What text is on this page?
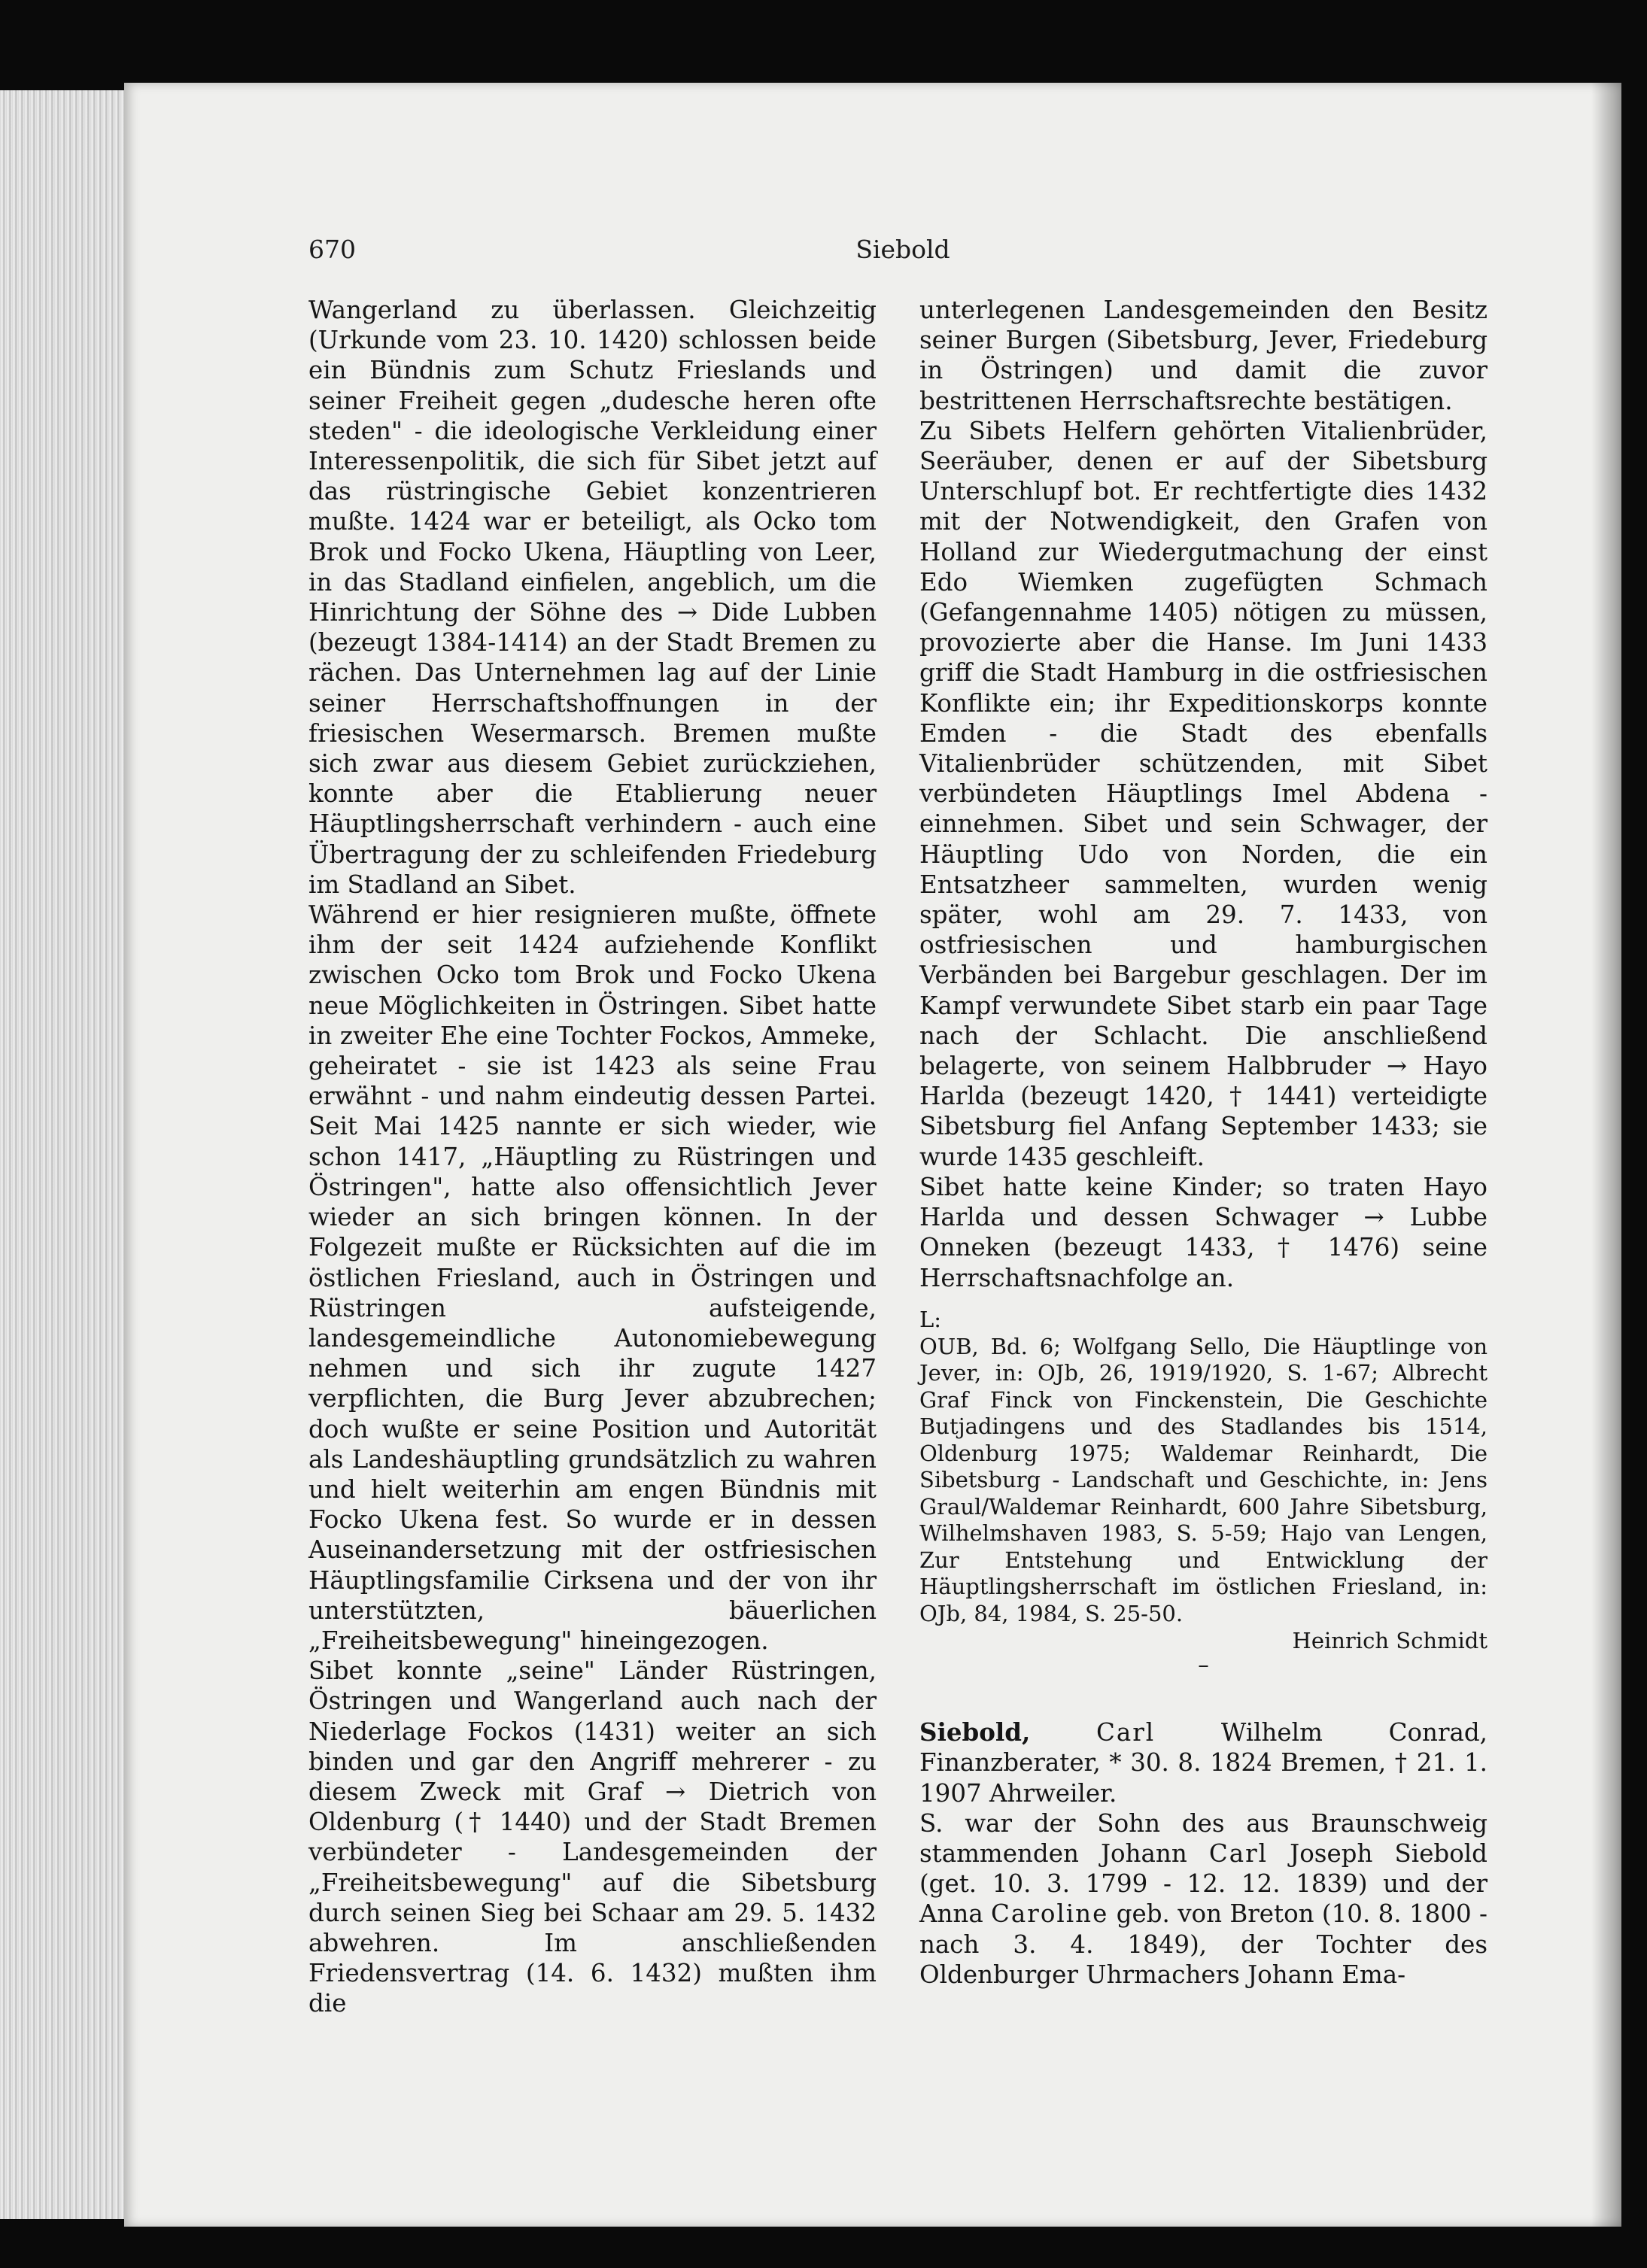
670	Siebold

Wangerland zu überlassen. Gleichzeitig (Urkunde vom 23. 10. 1420) schlossen beide ein Bündnis zum Schutz Frieslands und seiner Freiheit gegen „dudesche heren ofte steden" - die ideologische Verkleidung einer Interessenpolitik, die sich für Sibet jetzt auf das rüstringische Gebiet konzentrieren mußte. 1424 war er beteiligt, als Ocko tom Brok und Focko Ukena, Häuptling von Leer, in das Stadland einfielen, angeblich, um die Hinrichtung der Söhne des → Dide Lubben (bezeugt 1384-1414) an der Stadt Bremen zu rächen. Das Unternehmen lag auf der Linie seiner Herrschaftshoffnungen in der friesischen Wesermarsch. Bremen mußte sich zwar aus diesem Gebiet zurückziehen, konnte aber die Etablierung neuer Häuptlingsherrschaft verhindern - auch eine Übertragung der zu schleifenden Friedeburg im Stadland an Sibet.

Während er hier resignieren mußte, öffnete ihm der seit 1424 aufziehende Konflikt zwischen Ocko tom Brok und Focko Ukena neue Möglichkeiten in Östringen. Sibet hatte in zweiter Ehe eine Tochter Fockos, Ammeke, geheiratet - sie ist 1423 als seine Frau erwähnt - und nahm eindeutig dessen Partei. Seit Mai 1425 nannte er sich wieder, wie schon 1417, „Häuptling zu Rüstringen und Östringen", hatte also offensichtlich Jever wieder an sich bringen können. In der Folgezeit mußte er Rücksichten auf die im östlichen Friesland, auch in Östringen und Rüstringen aufsteigende, landesgemeindliche Autonomiebewegung nehmen und sich ihr zugute 1427 verpflichten, die Burg Jever abzubrechen; doch wußte er seine Position und Autorität als Landeshäuptling grundsätzlich zu wahren und hielt weiterhin am engen Bündnis mit Focko Ukena fest. So wurde er in dessen Auseinandersetzung mit der ostfriesischen Häuptlingsfamilie Cirksena und der von ihr unterstützten, bäuerlichen „Freiheitsbewegung" hineingezogen.

Sibet konnte „seine" Länder Rüstringen, Östringen und Wangerland auch nach der Niederlage Fockos (1431) weiter an sich binden und gar den Angriff mehrerer - zu diesem Zweck mit Graf → Dietrich von Oldenburg († 1440) und der Stadt Bremen verbündeter - Landesgemeinden der „Freiheitsbewegung" auf die Sibetsburg durch seinen Sieg bei Schaar am 29. 5. 1432 abwehren. Im anschließenden Friedensvertrag (14. 6. 1432) mußten ihm die

unterlegenen Landesgemeinden den Besitz seiner Burgen (Sibetsburg, Jever, Friedeburg in Östringen) und damit die zuvor bestrittenen Herrschaftsrechte bestätigen.

Zu Sibets Helfern gehörten Vitalienbrüder, Seeräuber, denen er auf der Sibetsburg Unterschlupf bot. Er rechtfertigte dies 1432 mit der Notwendigkeit, den Grafen von Holland zur Wiedergutmachung der einst Edo Wiemken zugefügten Schmach (Gefangennahme 1405) nötigen zu müssen, provozierte aber die Hanse. Im Juni 1433 griff die Stadt Hamburg in die ostfriesischen Konflikte ein; ihr Expeditionskorps konnte Emden - die Stadt des ebenfalls Vitalienbrüder schützenden, mit Sibet verbündeten Häuptlings Imel Abdena - einnehmen. Sibet und sein Schwager, der Häuptling Udo von Norden, die ein Entsatzheer sammelten, wurden wenig später, wohl am 29. 7. 1433, von ostfriesischen und hamburgischen Verbänden bei Bargebur geschlagen. Der im Kampf verwundete Sibet starb ein paar Tage nach der Schlacht. Die anschließend belagerte, von seinem Halbbruder → Hayo Harlda (bezeugt 1420, † 1441) verteidigte Sibetsburg fiel Anfang September 1433; sie wurde 1435 geschleift.

Sibet hatte keine Kinder; so traten Hayo Harlda und dessen Schwager → Lubbe Onneken (bezeugt 1433, † 1476) seine Herrschaftsnachfolge an.

L:

OUB, Bd. 6; Wolfgang Sello, Die Häuptlinge von Jever, in: OJb, 26, 1919/1920, S. 1-67; Albrecht Graf Finck von Finckenstein, Die Geschichte Butjadingens und des Stadlandes bis 1514, Oldenburg 1975; Waldemar Reinhardt, Die Sibetsburg - Landschaft und Geschichte, in: Jens Graul/Waldemar Reinhardt, 600 Jahre Sibetsburg, Wilhelmshaven 1983, S. 5-59; Hajo van Lengen, Zur Entstehung und Entwicklung der Häuptlingsherrschaft im östlichen Friesland, in: OJb, 84, 1984, S. 25-50.

Heinrich Schmidt

–

Siebold,	Carl Wilhelm Conrad, Finanzberater, * 30. 8. 1824 Bremen, † 21. 1. 1907 Ahrweiler.

S. war der Sohn des aus Braunschweig stammenden Johann Carl Joseph Siebold (get. 10. 3. 1799 - 12. 12. 1839) und der Anna Caroline geb. von Breton (10. 8. 1800 - nach 3. 4. 1849), der Tochter des Oldenburger Uhrmachers Johann Ema-
